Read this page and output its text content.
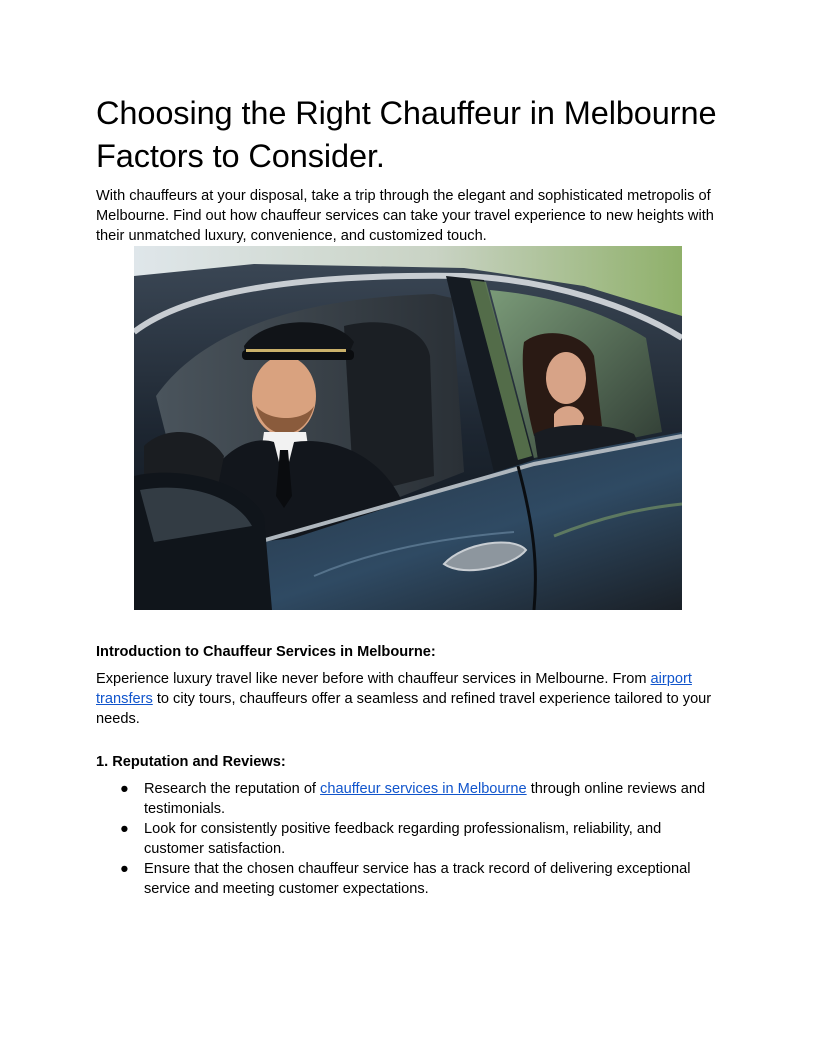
Choosing the Right Chauffeur in Melbourne Factors to Consider.

With chauffeurs at your disposal, take a trip through the elegant and sophisticated metropolis of Melbourne. Find out how chauffeur services can take your travel experience to new heights with their unmatched luxury, convenience, and customized touch.

Introduction to Chauffeur Services in Melbourne:

Experience luxury travel like never before with chauffeur services in Melbourne. From airport transfers to city tours, chauffeurs offer a seamless and refined travel experience tailored to your needs.

1. Reputation and Reviews:
● Research the reputation of chauffeur services in Melbourne through online reviews and testimonials.
● Look for consistently positive feedback regarding professionalism, reliability, and customer satisfaction.
● Ensure that the chosen chauffeur service has a track record of delivering exceptional service and meeting customer expectations.
